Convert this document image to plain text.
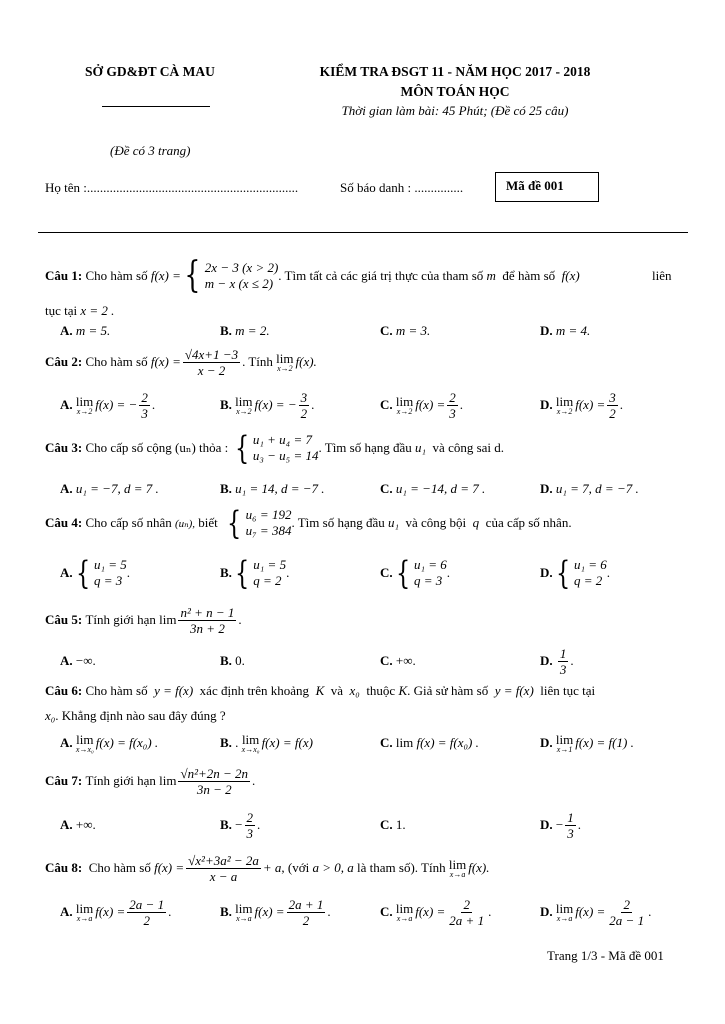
SỞ GD&ĐT CÀ MAU
(Đề có 3 trang)
KIỂM TRA ĐSGT 11 - NĂM HỌC 2017 - 2018
MÔN TOÁN HỌC
Thời gian làm bài: 45 Phút; (Đề có 25 câu)
Họ tên :.................................................................	Số báo danh : ...............	Mã đề 001
Câu 1:
Cho hàm số
f(x) = { 2x − 3 (x > 2)
m − x (x ≤ 2)
. Tìm tất cả các giá trị thực của tham số
m
để hàm số
f(x)	liên
tục tại x = 2 .
A. m = 5.	B. m = 2.	C. m = 3.	D. m = 4.
Câu 2:
Cho hàm số
$f(x) = \frac{√4x+1 -3}{x - 2}$ . Tính
lim
x→2 f(x).
A.
lim
x→2 f(x) = − $\frac{2}{3}$ .	B.
lim
x→2 f(x) = − $\frac{3}{2}$ .	C.
lim
x→2 $f(x) = \frac{2}{3}$ .	D.
lim
x→2 $f(x) = \frac{3}{2}$ .
Câu 3:
Cho cấp số cộng (uₙ) thỏa :
{ u₁ + u₄ = 7
u₃ − u₅ = 14
. Tìm số hạng đầu
u₁
và công sai d.
A. u₁ = −7, d = 7 .	B. u₁ = 14, d = −7 .	C. u₁ = −14, d = 7 .	D. u₁ = 7, d = −7 .
Câu 4:
Cho cấp số nhân
(uₙ),
biết
{ u₆ = 192
u₇ = 384
. Tìm số hạng đầu
u₁
và công bội
q
của cấp số nhân.
A. { u₁ = 5
q = 3
.	B. { u₁ = 5
q = 2
.	C. { u₁ = 6
q = 3
.	D. { u₁ = 6
q = 2
.
Câu 5:
Tính giới hạn
$\lim \frac{\text{n² + n − 1}}{3n + 2}$ .
A. −∞.	B. 0.	C. +∞.	D.
$\frac{1}{3}$ .
Câu 6: Cho hàm số y = f(x) xác định trên khoảng K và x₀ thuộc K. Giả sử hàm số y = f(x) liên tục tại
x₀. Khẳng định nào sau đây đúng ?
A.
lim
x→x₀ f(x) = f(x₀) .	B.
.
lim
x→x₀ f(x) = f(x)	C.
lim
f(x) = f(x₀) .	D.
lim
x→1 f(x) = f(1) .
Câu 7:
Tính giới hạn
$\lim \frac{\text{√n²+2n − 2n}}{3n - 2}$ .
A. +∞.	B.
− $\frac{2}{3}$ .	C. 1.	D.
− $\frac{1}{3}$ .
Câu 8:
Cho hàm số
$f(x) = \frac{\text{√x²+3a² − 2a}}{x - a} + a$ , (với
a > 0, a
là tham số). Tính
lim
x→a f(x).
A.
lim
x→a $f(x) = \frac{2a - 1}{2}$ .	B.
lim
x→a $f(x) = \frac{2a + 1}{2}$ .	C.
lim
x→a $f(x) = \frac{2}{2a + 1}$ .	D.
lim
x→a $f(x) = \frac{2}{2a - 1}$ .
Trang 1/3 - Mã đề 001
